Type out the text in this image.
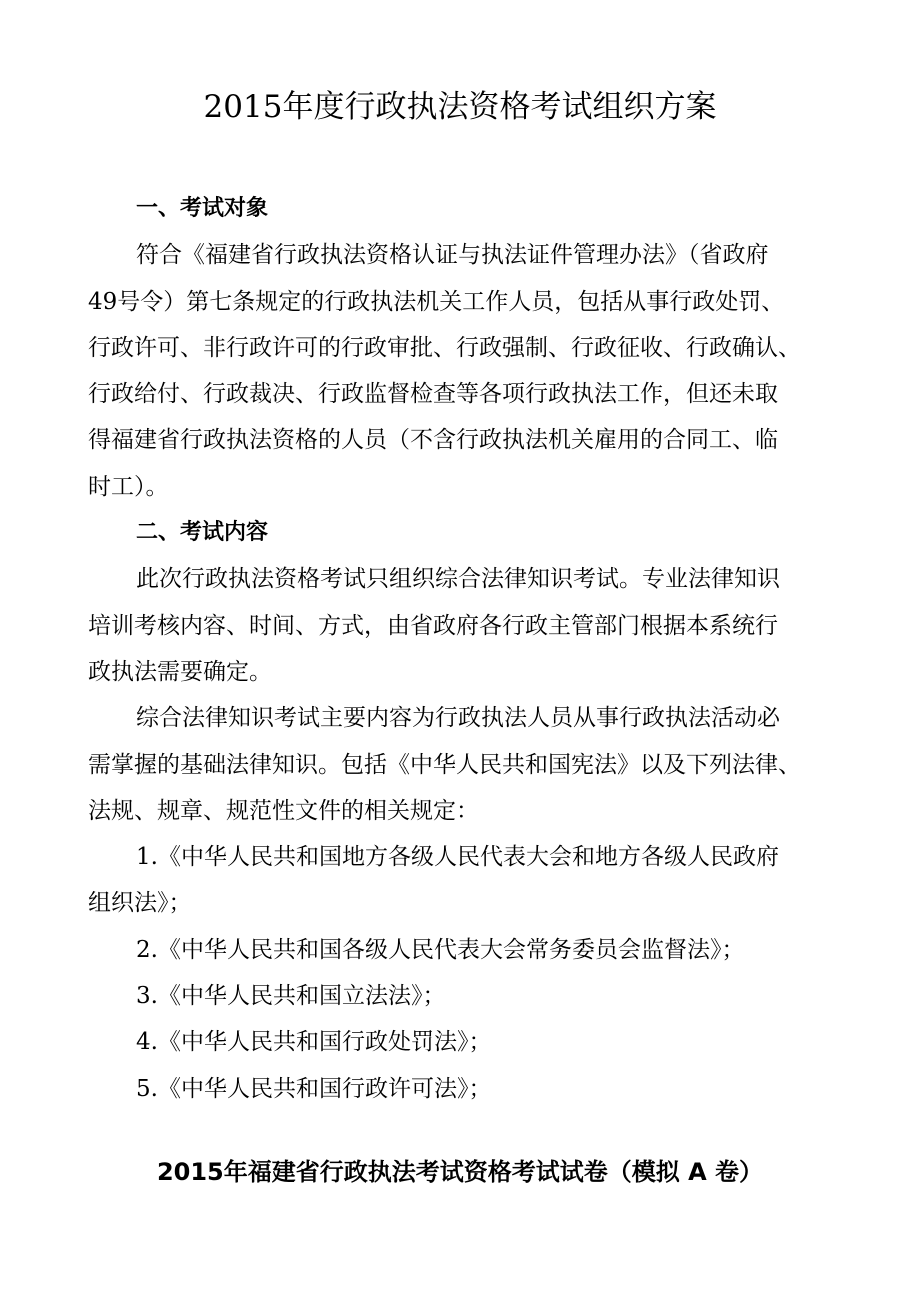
2015年度行政执法资格考试组织方案
一、考试对象
符合《福建省行政执法资格认证与执法证件管理办法》（省政府
49号令）第七条规定的行政执法机关工作人员，包括从事行政处罚、
行政许可、非行政许可的行政审批、行政强制、行政征收、行政确认、
行政给付、行政裁决、行政监督检查等各项行政执法工作，但还未取
得福建省行政执法资格的人员（不含行政执法机关雇用的合同工、临
时工）。
二、考试内容
此次行政执法资格考试只组织综合法律知识考试。专业法律知识
培训考核内容、时间、方式，由省政府各行政主管部门根据本系统行
政执法需要确定。
综合法律知识考试主要内容为行政执法人员从事行政执法活动必
需掌握的基础法律知识。包括《中华人民共和国宪法》以及下列法律、
法规、规章、规范性文件的相关规定：
1.《中华人民共和国地方各级人民代表大会和地方各级人民政府
组织法》；
2.《中华人民共和国各级人民代表大会常务委员会监督法》；
3.《中华人民共和国立法法》；
4.《中华人民共和国行政处罚法》；
5.《中华人民共和国行政许可法》；
2015年福建省行政执法考试资格考试试卷（模拟 A 卷）
